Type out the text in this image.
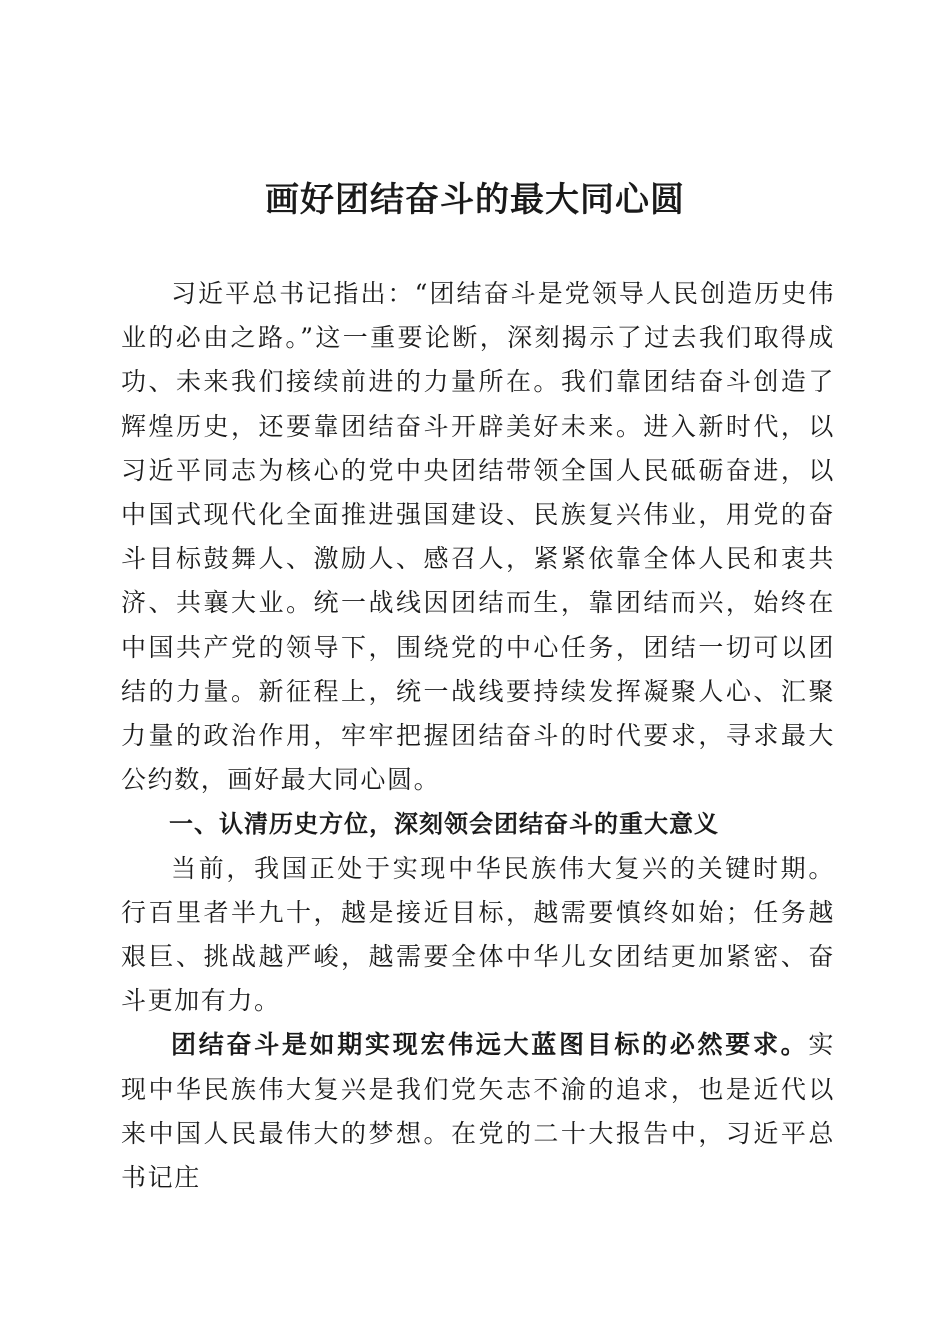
画好团结奋斗的最大同心圆

习近平总书记指出：“团结奋斗是党领导人民创造历史伟业的必由之路。”这一重要论断，深刻揭示了过去我们取得成功、未来我们接续前进的力量所在。我们靠团结奋斗创造了辉煌历史，还要靠团结奋斗开辟美好未来。进入新时代，以习近平同志为核心的党中央团结带领全国人民砥砺奋进，以中国式现代化全面推进强国建设、民族复兴伟业，用党的奋斗目标鼓舞人、激励人、感召人，紧紧依靠全体人民和衷共济、共襄大业。统一战线因团结而生，靠团结而兴，始终在中国共产党的领导下，围绕党的中心任务，团结一切可以团结的力量。新征程上，统一战线要持续发挥凝聚人心、汇聚力量的政治作用，牢牢把握团结奋斗的时代要求，寻求最大公约数，画好最大同心圆。

一、认清历史方位，深刻领会团结奋斗的重大意义

当前，我国正处于实现中华民族伟大复兴的关键时期。行百里者半九十，越是接近目标，越需要慎终如始；任务越艰巨、挑战越严峻，越需要全体中华儿女团结更加紧密、奋斗更加有力。

团结奋斗是如期实现宏伟远大蓝图目标的必然要求。实现中华民族伟大复兴是我们党矢志不渝的追求，也是近代以来中国人民最伟大的梦想。在党的二十大报告中，习近平总书记庄
